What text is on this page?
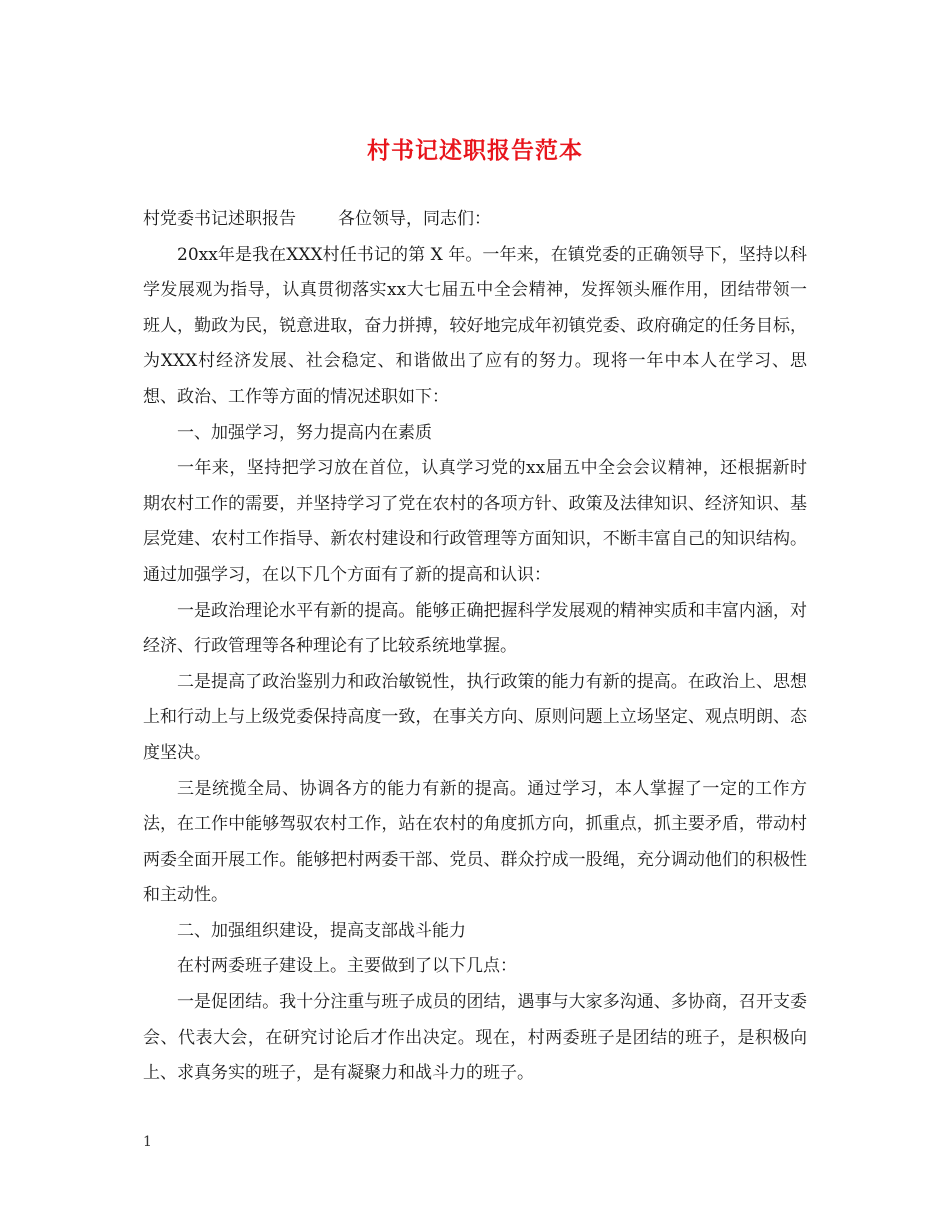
村书记述职报告范本

村党委书记述职报告 各位领导，同志们：

20xx年是我在XXX村任书记的第 X 年。一年来，在镇党委的正确领导下，坚持以科学发展观为指导，认真贯彻落实xx大七届五中全会精神，发挥领头雁作用，团结带领一班人，勤政为民，锐意进取，奋力拼搏，较好地完成年初镇党委、政府确定的任务目标，为XXX村经济发展、社会稳定、和谐做出了应有的努力。现将一年中本人在学习、思想、政治、工作等方面的情况述职如下：

一、加强学习，努力提高内在素质

一年来，坚持把学习放在首位，认真学习党的xx届五中全会会议精神，还根据新时期农村工作的需要，并坚持学习了党在农村的各项方针、政策及法律知识、经济知识、基层党建、农村工作指导、新农村建设和行政管理等方面知识，不断丰富自己的知识结构。通过加强学习，在以下几个方面有了新的提高和认识：

一是政治理论水平有新的提高。能够正确把握科学发展观的精神实质和丰富内涵，对经济、行政管理等各种理论有了比较系统地掌握。

二是提高了政治鉴别力和政治敏锐性，执行政策的能力有新的提高。在政治上、思想上和行动上与上级党委保持高度一致，在事关方向、原则问题上立场坚定、观点明朗、态度坚决。

三是统揽全局、协调各方的能力有新的提高。通过学习，本人掌握了一定的工作方法，在工作中能够驾驭农村工作，站在农村的角度抓方向，抓重点，抓主要矛盾，带动村两委全面开展工作。能够把村两委干部、党员、群众拧成一股绳，充分调动他们的积极性和主动性。

二、加强组织建设，提高支部战斗能力

在村两委班子建设上。主要做到了以下几点：

一是促团结。我十分注重与班子成员的团结，遇事与大家多沟通、多协商，召开支委会、代表大会，在研究讨论后才作出决定。现在，村两委班子是团结的班子，是积极向上、求真务实的班子，是有凝聚力和战斗力的班子。

1
